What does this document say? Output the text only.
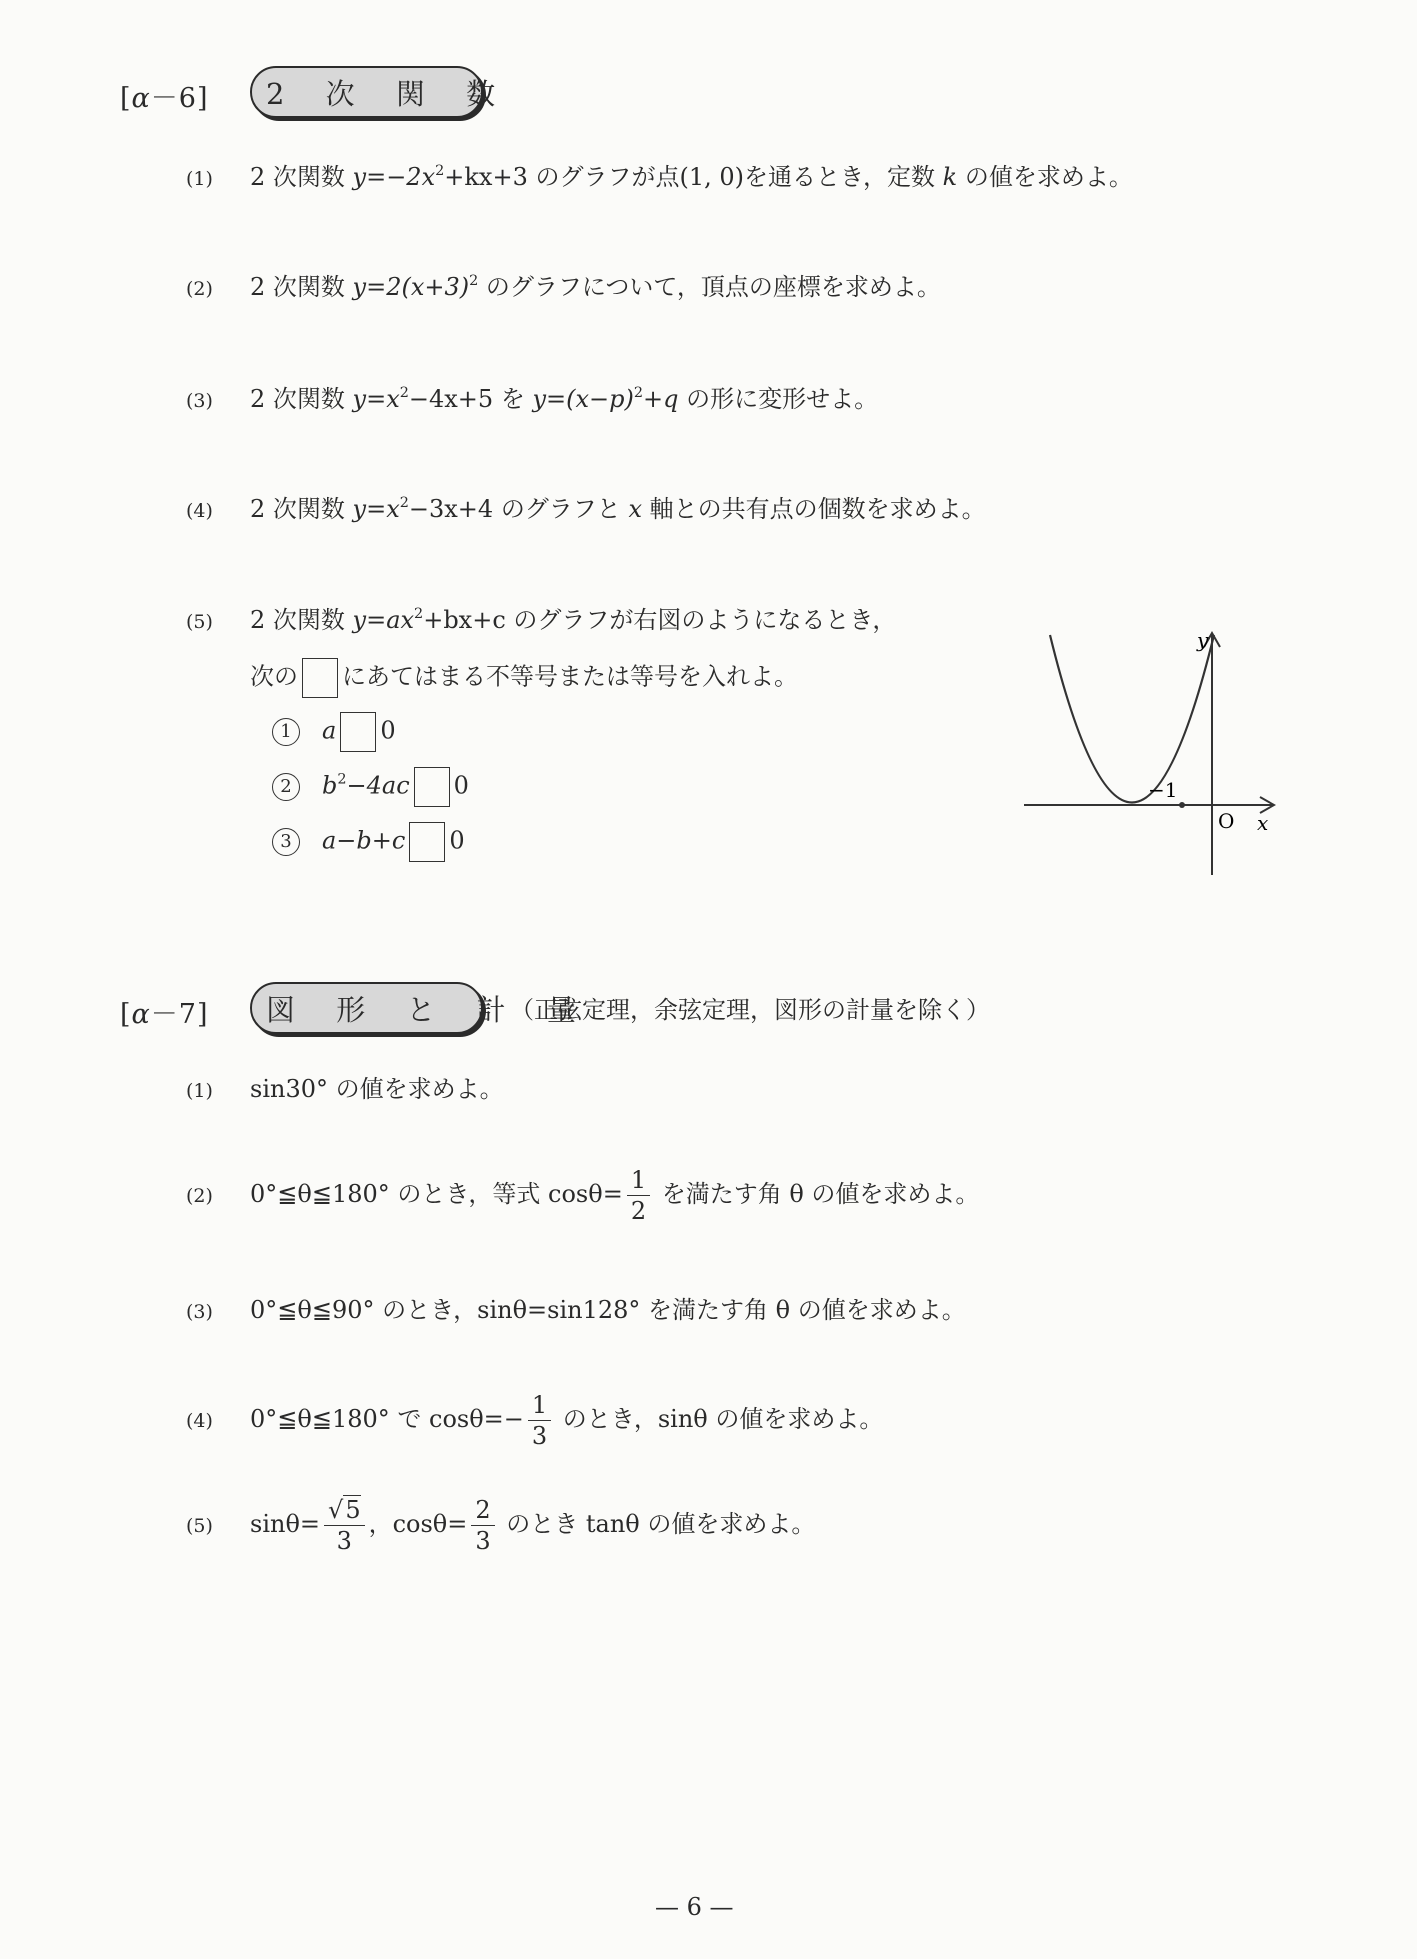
[α－6]	2 次 関 数
(1) 2 次関数 $y=-2x^2+kx+3$ のグラフが点(1, 0)を通るとき，定数 k の値を求めよ。
(2) 2 次関数 $y=2(x+3)^2$ のグラフについて，頂点の座標を求めよ。
(3) 2 次関数 $y=x^2-4x+5$ を $y=(x-p)^2+q$ の形に変形せよ。
(4) 2 次関数 $y=x^2-3x+4$ のグラフと x 軸との共有点の個数を求めよ。
(5) 2 次関数 $y=ax^2+bx+c$ のグラフが右図のようになるとき，
次の にあてはまる不等号または等号を入れよ。
1 a 0
2 $b^2-4ac$ 0
3 a−b+c 0
y
x
O
−1
[α－7]	図 形 と 計 量
（正弦定理，余弦定理，図形の計量を除く）
(1) sin30° の値を求めよ。
(2) 0°≦θ≦180° のとき，等式 $\cos\theta= \frac{1}{2}$ を満たす角 θ の値を求めよ。
(3) 0°≦θ≦90° のとき，sinθ=sin128° を満たす角 θ の値を求めよ。
(4) 0°≦θ≦180° で $\cos\theta=- \frac{1}{3}$ のとき，sinθ の値を求めよ。
(5) $\sin\theta= \frac{√5}{3}$ ，$\cos\theta= \frac{2}{3}$ のとき tanθ の値を求めよ。
— 6 —
